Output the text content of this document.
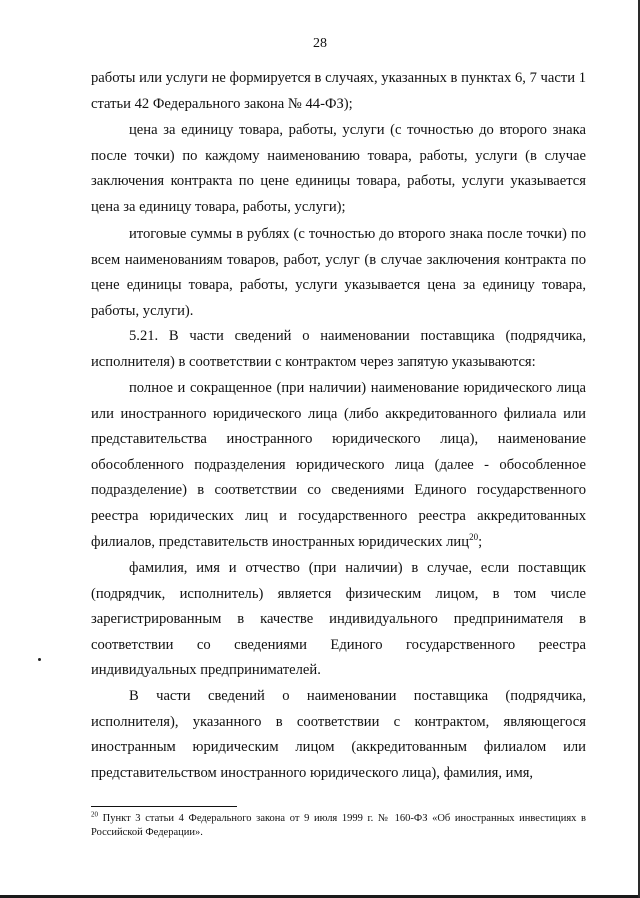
28

работы или услуги не формируется в случаях, указанных в пунктах 6, 7 части 1 статьи 42 Федерального закона № 44-ФЗ);

цена за единицу товара, работы, услуги (с точностью до второго знака после точки) по каждому наименованию товара, работы, услуги (в случае заключения контракта по цене единицы товара, работы, услуги указывается цена за единицу товара, работы, услуги);

итоговые суммы в рублях (с точностью до второго знака после точки) по всем наименованиям товаров, работ, услуг (в случае заключения контракта по цене единицы товара, работы, услуги указывается цена за единицу товара, работы, услуги).

5.21. В части сведений о наименовании поставщика (подрядчика, исполнителя) в соответствии с контрактом через запятую указываются:

полное и сокращенное (при наличии) наименование юридического лица или иностранного юридического лица (либо аккредитованного филиала или представительства иностранного юридического лица), наименование обособленного подразделения юридического лица (далее - обособленное подразделение) в соответствии со сведениями Единого государственного реестра юридических лиц и государственного реестра аккредитованных филиалов, представительств иностранных юридических лиц$^{20}$;

фамилия, имя и отчество (при наличии) в случае, если поставщик (подрядчик, исполнитель) является физическим лицом, в том числе зарегистрированным в качестве индивидуального предпринимателя в соответствии со сведениями Единого государственного реестра индивидуальных предпринимателей.

В части сведений о наименовании поставщика (подрядчика, исполнителя), указанного в соответствии с контрактом, являющегося иностранным юридическим лицом (аккредитованным филиалом или представительством иностранного юридического лица), фамилия, имя,

$^{20}$ Пункт 3 статьи 4 Федерального закона от 9 июля 1999 г. № 160-ФЗ «Об иностранных инвестициях в Российской Федерации».
